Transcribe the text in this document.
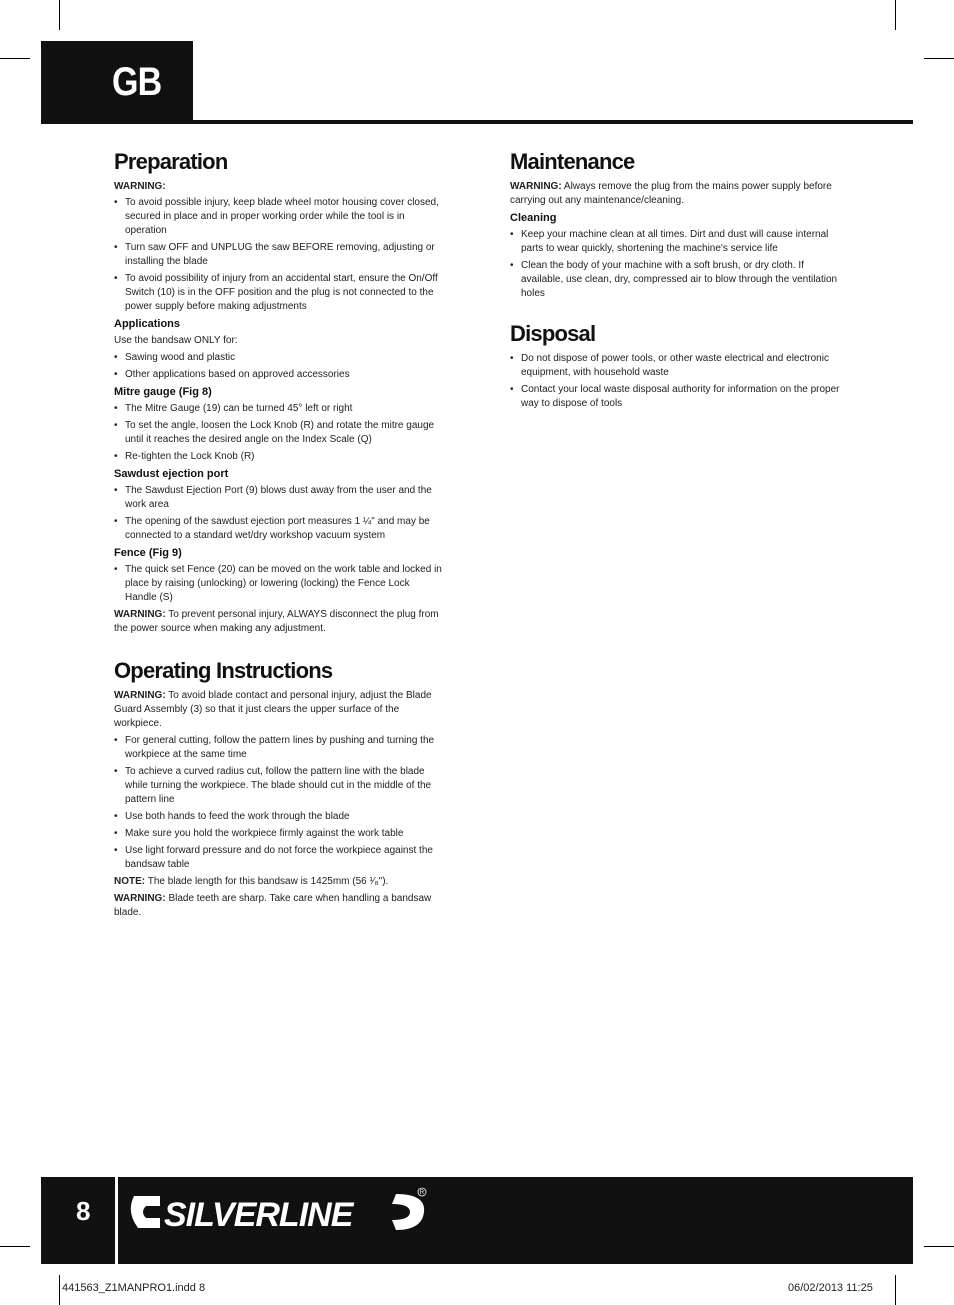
GB
Preparation
WARNING:
• To avoid possible injury, keep blade wheel motor housing cover closed, secured in place and in proper working order while the tool is in operation
• Turn saw OFF and UNPLUG the saw BEFORE removing, adjusting or installing the blade
• To avoid possibility of injury from an accidental start, ensure the On/Off Switch (10) is in the OFF position and the plug is not connected to the power supply before making adjustments
Applications

Use the bandsaw ONLY for:

• Sawing wood and plastic
• Other applications based on approved accessories
Mitre gauge (Fig 8)
• The Mitre Gauge (19) can be turned 45° left or right
• To set the angle, loosen the Lock Knob (R) and rotate the mitre gauge until it reaches the desired angle on the Index Scale (Q)
• Re-tighten the Lock Knob (R)
Sawdust ejection port
• The Sawdust Ejection Port (9) blows dust away from the user and the work area
• The opening of the sawdust ejection port measures 1 ¼" and may be connected to a standard wet/dry workshop vacuum system
Fence (Fig 9)
• The quick set Fence (20) can be moved on the work table and locked in place by raising (unlocking) or lowering (locking) the Fence Lock Handle (S)

WARNING: To prevent personal injury, ALWAYS disconnect the plug from the power source when making any adjustment.

Operating Instructions

WARNING: To avoid blade contact and personal injury, adjust the Blade Guard Assembly (3) so that it just clears the upper surface of the workpiece.

• For general cutting, follow the pattern lines by pushing and turning the workpiece at the same time
• To achieve a curved radius cut, follow the pattern line with the blade while turning the workpiece. The blade should cut in the middle of the pattern line
• Use both hands to feed the work through the blade
• Make sure you hold the workpiece firmly against the work table
• Use light forward pressure and do not force the workpiece against the bandsaw table

NOTE: The blade length for this bandsaw is 1425mm (56 ¹⁄₈").

WARNING: Blade teeth are sharp. Take care when handling a bandsaw blade.

Maintenance

WARNING: Always remove the plug from the mains power supply before carrying out any maintenance/cleaning.

Cleaning
• Keep your machine clean at all times. Dirt and dust will cause internal parts to wear quickly, shortening the machine's service life
• Clean the body of your machine with a soft brush, or dry cloth. If available, use clean, dry, compressed air to blow through the ventilation holes
Disposal
• Do not dispose of power tools, or other waste electrical and electronic equipment, with household waste
• Contact your local waste disposal authority for information on the proper way to dispose of tools
8 SILVERLINE
R
441563_Z1MANPRO1.indd 8	06/02/2013 11:25
